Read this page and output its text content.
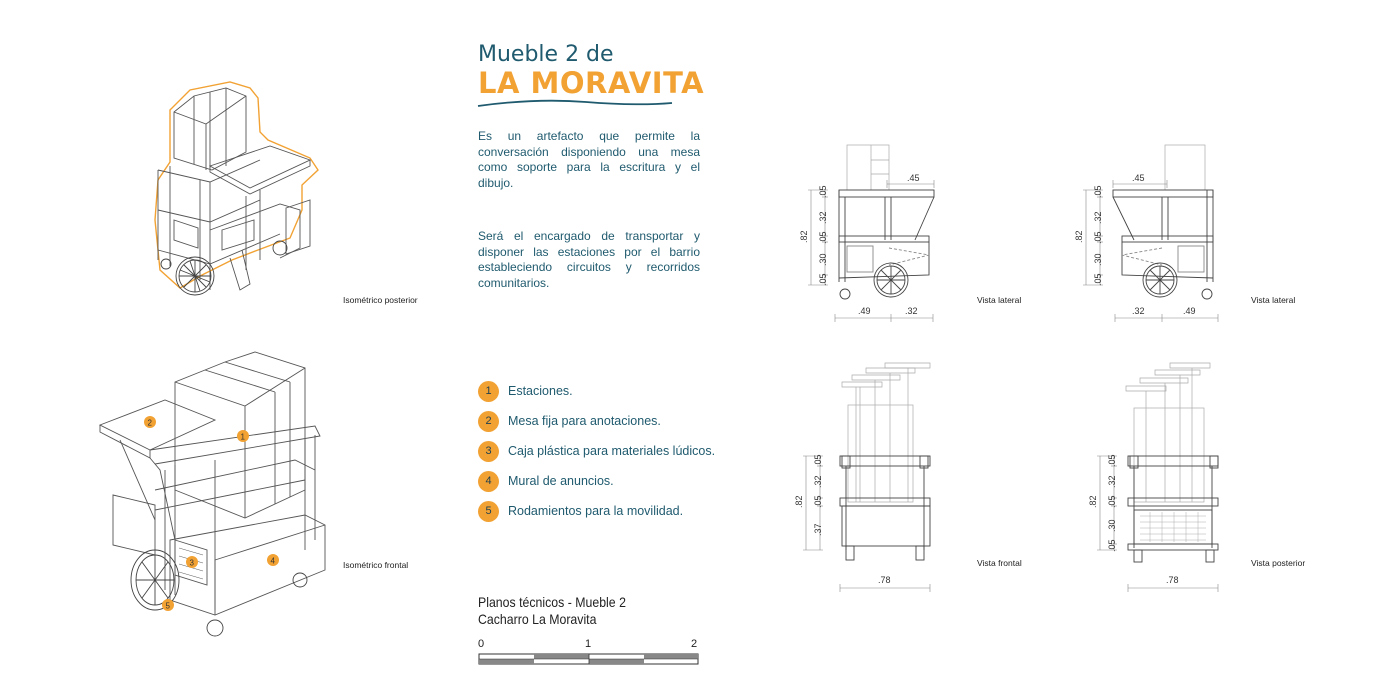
Mueble 2 de
LA MORAVITA
Es un artefacto que permite la conversación disponiendo una mesa como soporte para la escritura y el dibujo.
Será el encargado de transportar y disponer las estaciones por el barrio estableciendo circuitos y recorridos comunitarios.
1	Estaciones.
2	Mesa fija para anotaciones.
3	Caja plástica para materiales lúdicos.
4	Mural de anuncios.
5	Rodamientos para la movilidad.
Planos técnicos - Mueble 2
Cacharro La Moravita
0	1	2
Isométrico posterior
Isométrico frontal
Vista lateral	Vista lateral
Vista frontal	Vista posterior
2
1
3	4
5
.45
.82
.05
.32
.05
.30
.05
.49	.32
.45
.82
.05
.32
.05
.30
.05
.32	.49
.82
.05
.32
.05
.37
.78
.82
.05
.32
.05
.30
.05
.78
